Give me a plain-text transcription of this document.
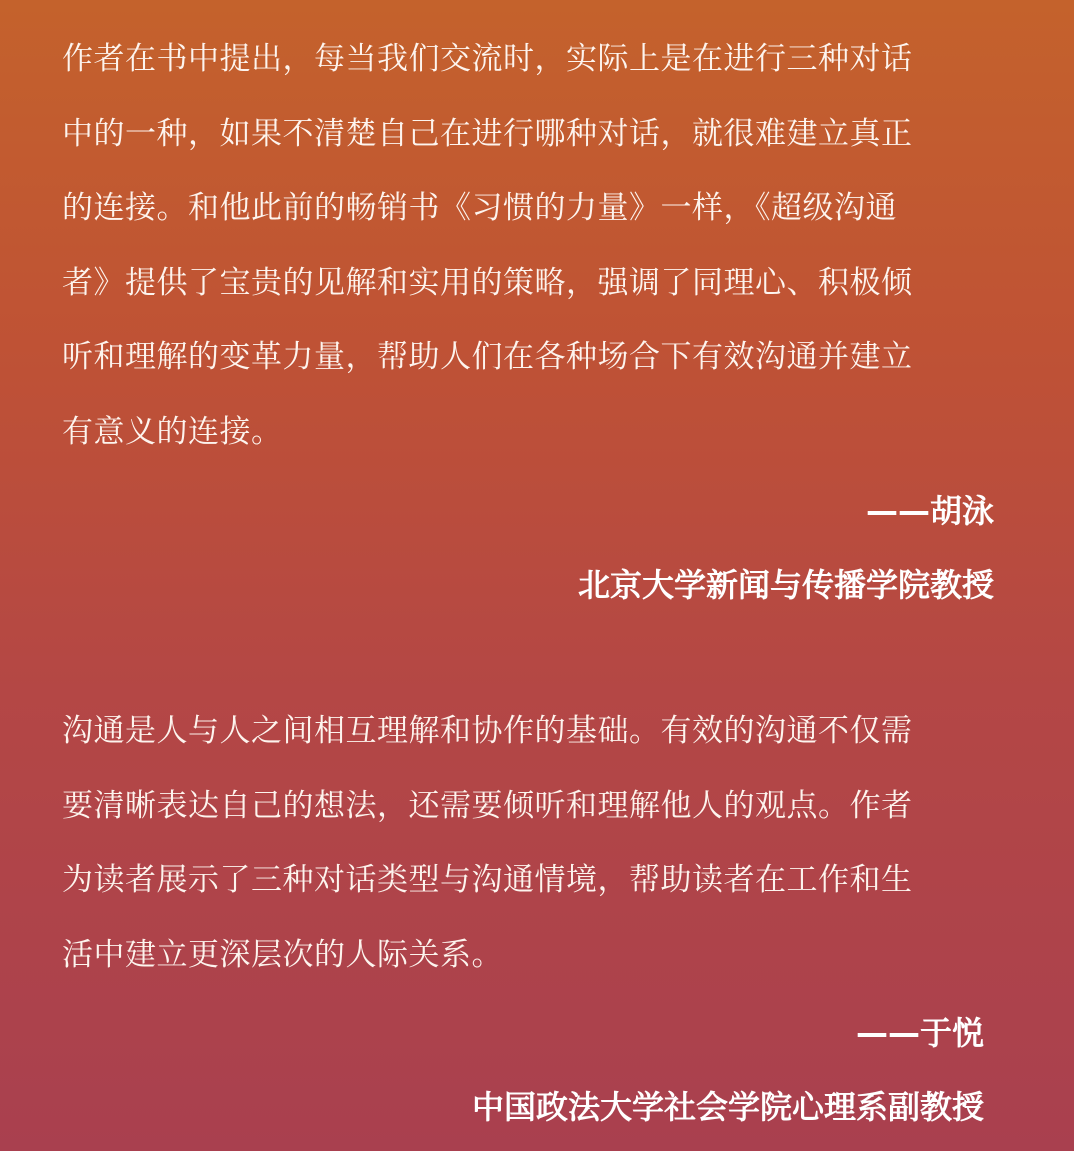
作者在书中提出，每当我们交流时，实际上是在进行三种对话
中的一种，如果不清楚自己在进行哪种对话，就很难建立真正
的连接。和他此前的畅销书《习惯的力量》一样，《超级沟通
者》提供了宝贵的见解和实用的策略，强调了同理心、积极倾
听和理解的变革力量，帮助人们在各种场合下有效沟通并建立
有意义的连接。
——胡泳
北京大学新闻与传播学院教授
沟通是人与人之间相互理解和协作的基础。有效的沟通不仅需
要清晰表达自己的想法，还需要倾听和理解他人的观点。作者
为读者展示了三种对话类型与沟通情境，帮助读者在工作和生
活中建立更深层次的人际关系。
——于悦
中国政法大学社会学院心理系副教授
